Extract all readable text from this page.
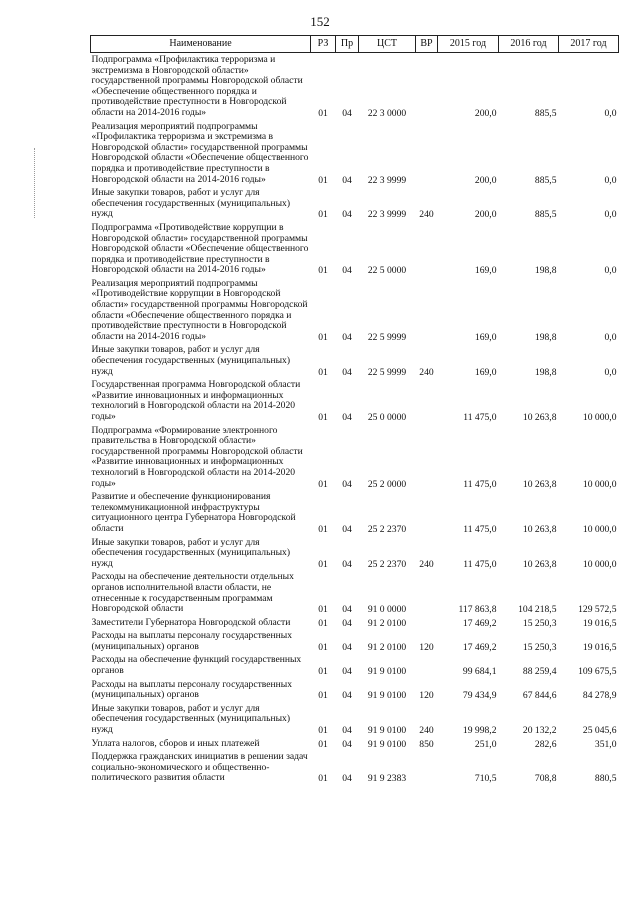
152
Наименование	РЗ	Пр	ЦСТ	ВР	2015 год	2016 год	2017 год
Подпрограмма «Профилактика терроризма и экстремизма в Новгородской области» государственной программы Новгородской области «Обеспечение общественного порядка и противодействие преступности в Новгородской области на 2014-2016 годы»	01	04	22 3 0000		200,0	885,5	0,0
Реализация мероприятий подпрограммы «Профилактика терроризма и экстремизма в Новгородской области» государственной программы Новгородской области «Обеспечение общественного порядка и противодействие преступности в Новгородской области на 2014-2016 годы»	01	04	22 3 9999		200,0	885,5	0,0
Иные закупки товаров, работ и услуг для обеспечения государственных (муниципальных) нужд	01	04	22 3 9999	240	200,0	885,5	0,0
Подпрограмма «Противодействие коррупции в Новгородской области» государственной программы Новгородской области «Обеспечение общественного порядка и противодействие преступности в Новгородской области на 2014-2016 годы»	01	04	22 5 0000		169,0	198,8	0,0
Реализация мероприятий подпрограммы «Противодействие коррупции в Новгородской области» государственной программы Новгородской области «Обеспечение общественного порядка и противодействие преступности в Новгородской области на 2014-2016 годы»	01	04	22 5 9999		169,0	198,8	0,0
Иные закупки товаров, работ и услуг для обеспечения государственных (муниципальных) нужд	01	04	22 5 9999	240	169,0	198,8	0,0
Государственная программа Новгородской области «Развитие инновационных и информационных технологий в Новгородской области на 2014-2020 годы»	01	04	25 0 0000		11 475,0	10 263,8	10 000,0
Подпрограмма «Формирование электронного правительства в Новгородской области» государственной программы Новгородской области «Развитие инновационных и информационных технологий в Новгородской области на 2014-2020 годы»	01	04	25 2 0000		11 475,0	10 263,8	10 000,0
Развитие и обеспечение функционирования телекоммуникационной инфраструктуры ситуационного центра Губернатора Новгородской области	01	04	25 2 2370		11 475,0	10 263,8	10 000,0
Иные закупки товаров, работ и услуг для обеспечения государственных (муниципальных) нужд	01	04	25 2 2370	240	11 475,0	10 263,8	10 000,0
Расходы на обеспечение деятельности отдельных органов исполнительной власти области, не отнесенные к государственным программам Новгородской области	01	04	91 0 0000		117 863,8	104 218,5	129 572,5
Заместители Губернатора Новгородской области	01	04	91 2 0100		17 469,2	15 250,3	19 016,5
Расходы на выплаты персоналу государственных (муниципальных) органов	01	04	91 2 0100	120	17 469,2	15 250,3	19 016,5
Расходы на обеспечение функций государственных органов	01	04	91 9 0100		99 684,1	88 259,4	109 675,5
Расходы на выплаты персоналу государственных (муниципальных) органов	01	04	91 9 0100	120	79 434,9	67 844,6	84 278,9
Иные закупки товаров, работ и услуг для обеспечения государственных (муниципальных) нужд	01	04	91 9 0100	240	19 998,2	20 132,2	25 045,6
Уплата налогов, сборов и иных платежей	01	04	91 9 0100	850	251,0	282,6	351,0
Поддержка гражданских инициатив в решении задач социально-экономического и общественно-политического развития области	01	04	91 9 2383		710,5	708,8	880,5
